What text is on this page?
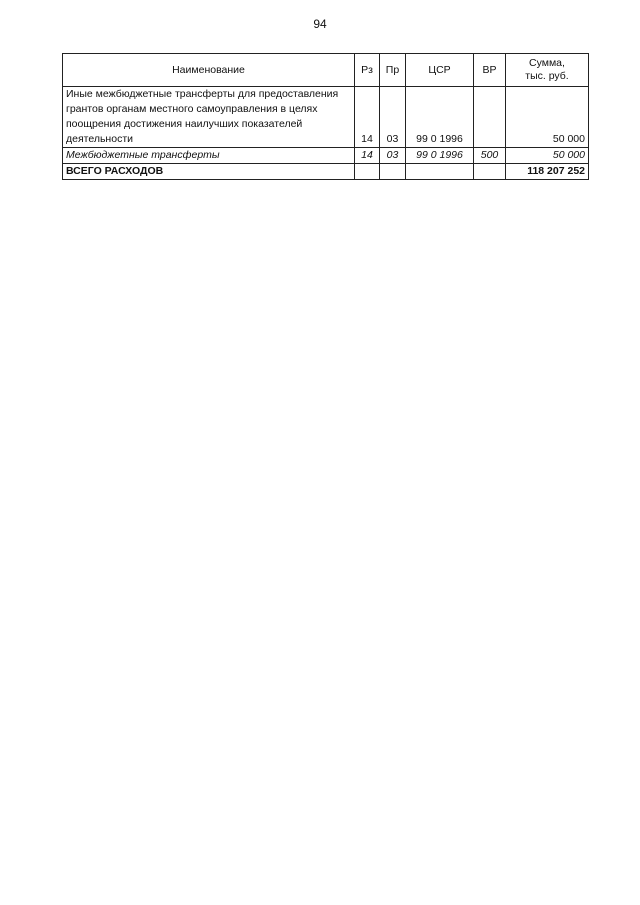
94
Наименование	Рз	Пр	ЦСР	ВР	Сумма,
тыс. руб.

Иные межбюджетные трансферты для предоставления грантов органам местного самоуправления в целях поощрения достижения наилучших показателей деятельности	14	03	99 0 1996		50 000
Межбюджетные трансферты	14	03	99 0 1996	500	50 000
ВСЕГО РАСХОДОВ					118 207 252
